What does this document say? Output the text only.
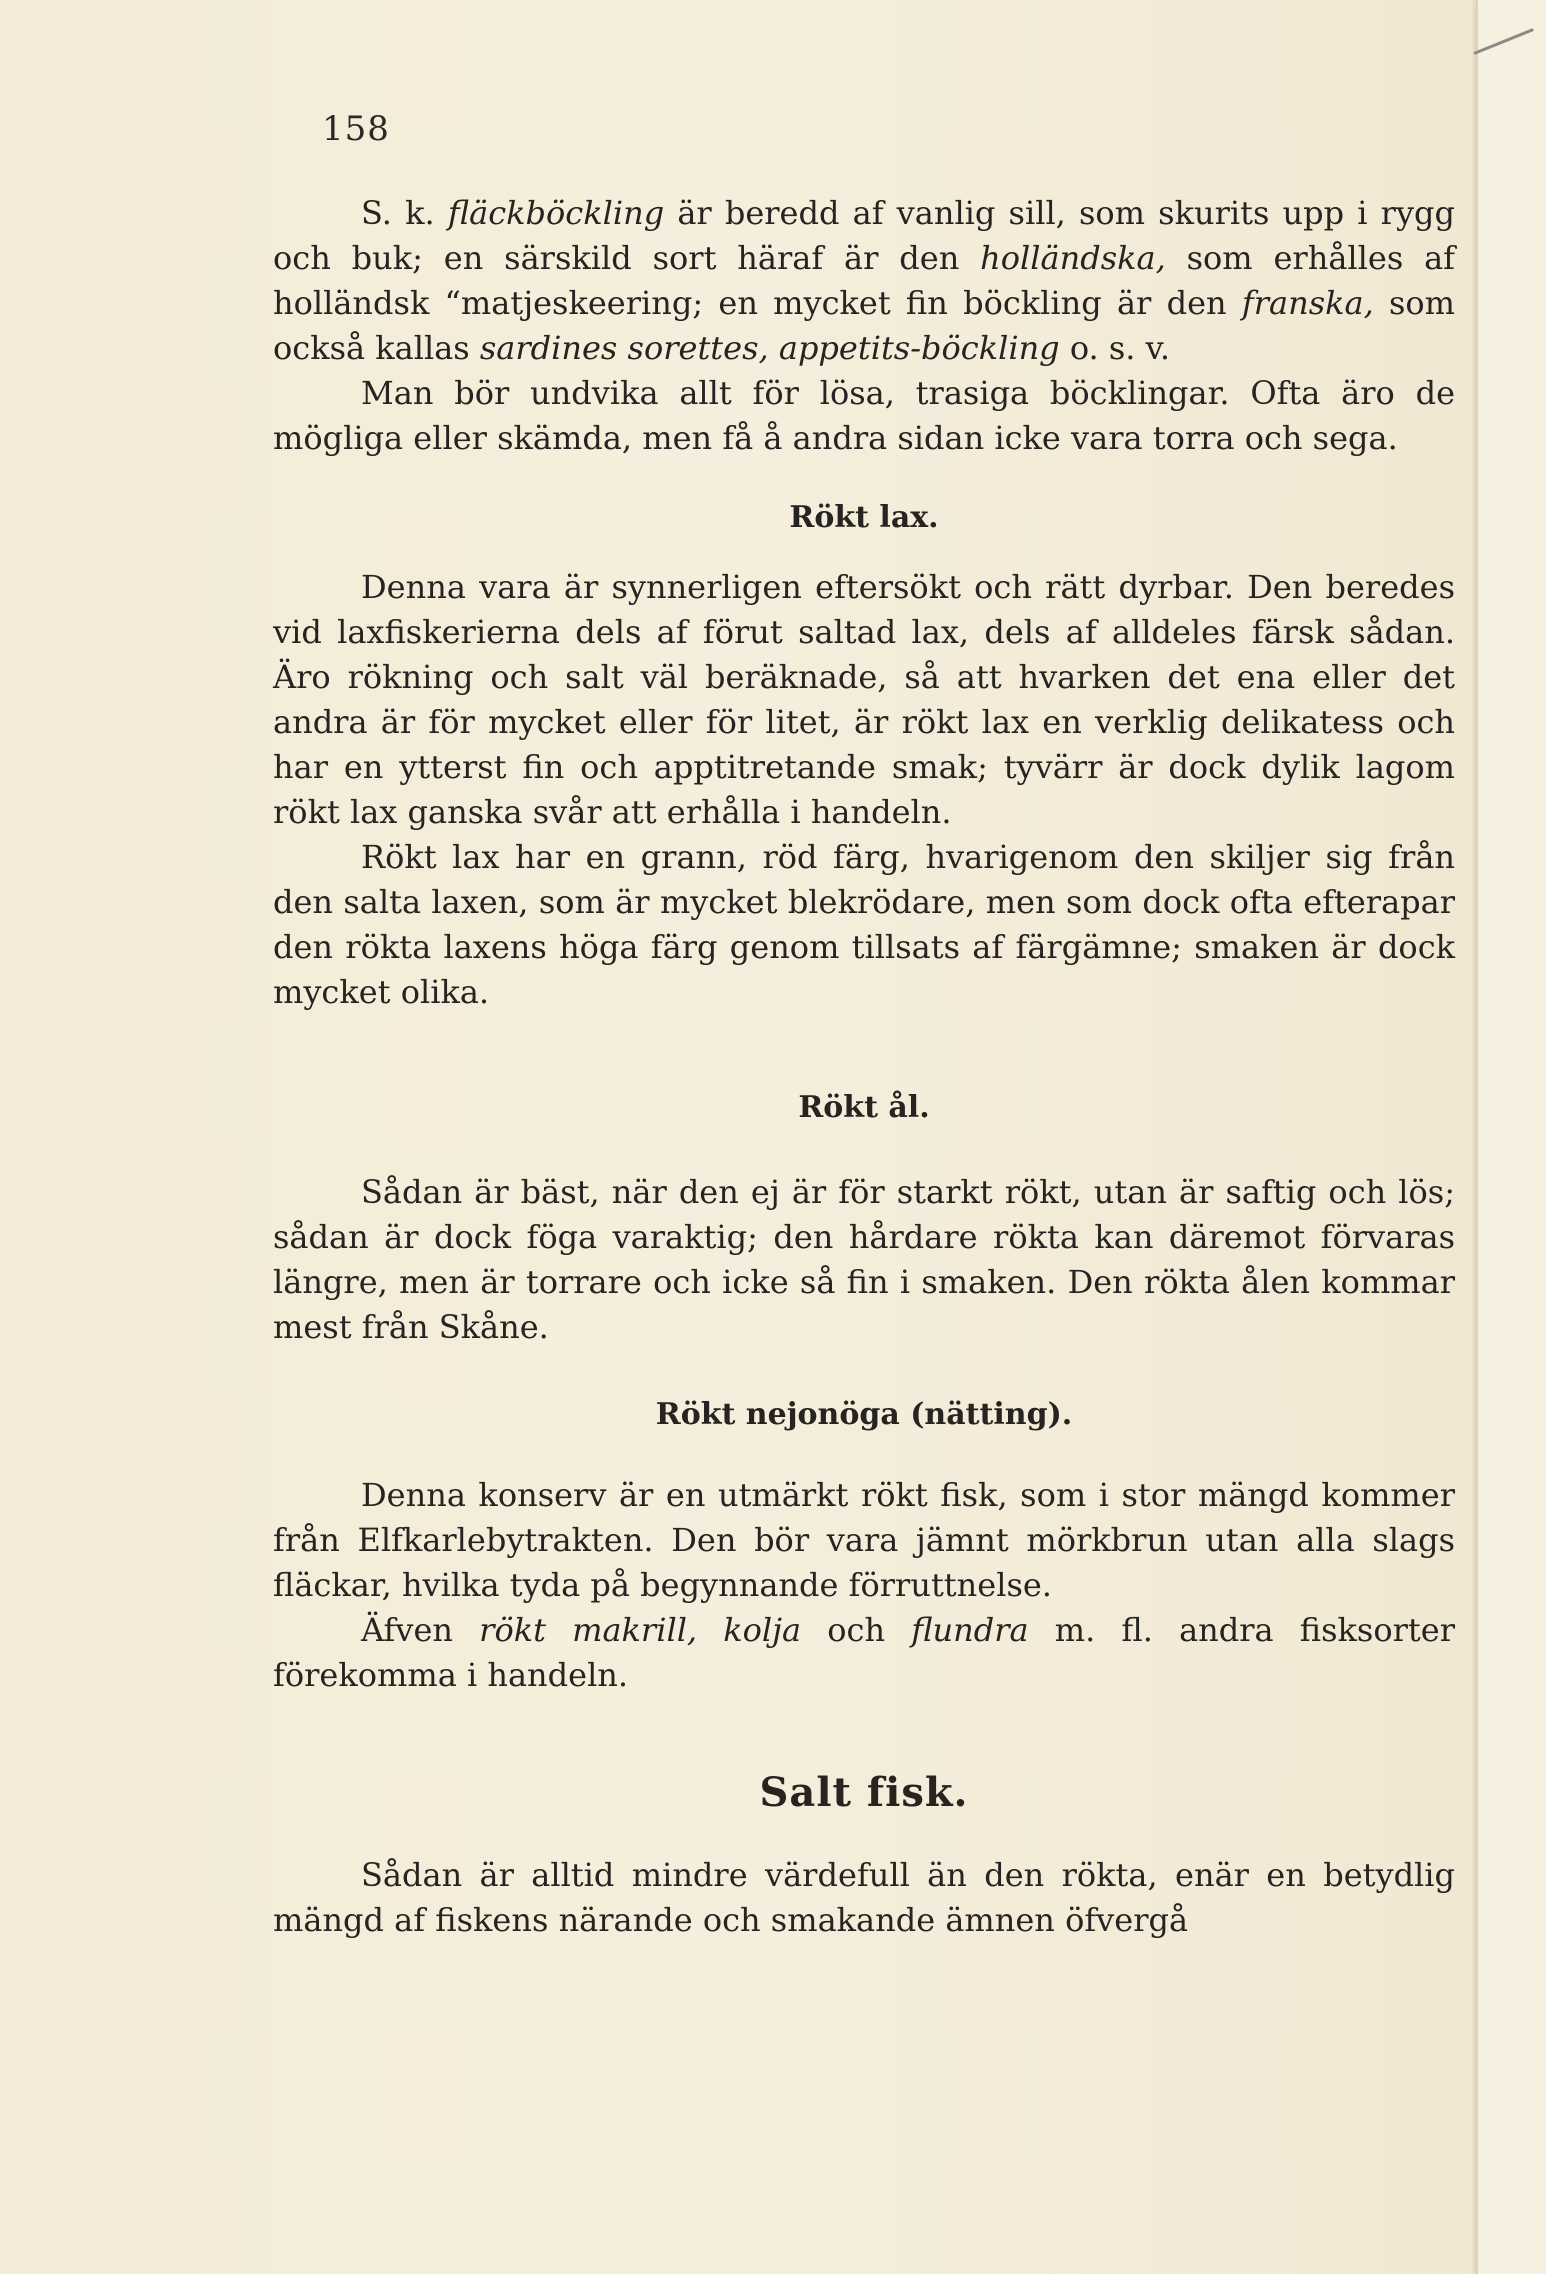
158

S. k. fläckböckling är beredd af vanlig sill, som skurits upp i rygg och buk; en särskild sort häraf är den holländska, som erhålles af holländsk “matjeskeering; en mycket fin böckling är den franska, som också kallas sardines sorettes, appetits-böckling o. s. v.

Man bör undvika allt för lösa, trasiga böcklingar. Ofta äro de mögliga eller skämda, men få å andra sidan icke vara torra och sega.

Rökt lax.

Denna vara är synnerligen eftersökt och rätt dyrbar. Den beredes vid laxfiskerierna dels af förut saltad lax, dels af alldeles färsk sådan. Äro rökning och salt väl beräknade, så att hvarken det ena eller det andra är för mycket eller för litet, är rökt lax en verklig delikatess och har en ytterst fin och apptitretande smak; tyvärr är dock dylik lagom rökt lax ganska svår att erhålla i handeln.

Rökt lax har en grann, röd färg, hvarigenom den skiljer sig från den salta laxen, som är mycket blekrödare, men som dock ofta efterapar den rökta laxens höga färg genom tillsats af färgämne; smaken är dock mycket olika.

Rökt ål.

Sådan är bäst, när den ej är för starkt rökt, utan är saftig och lös; sådan är dock föga varaktig; den hårdare rökta kan däremot förvaras längre, men är torrare och icke så fin i smaken. Den rökta ålen kommar mest från Skåne.

Rökt nejonöga (nätting).

Denna konserv är en utmärkt rökt fisk, som i stor mängd kommer från Elfkarlebytrakten. Den bör vara jämnt mörkbrun utan alla slags fläckar, hvilka tyda på begynnande förruttnelse.

Äfven rökt makrill, kolja och flundra m. fl. andra fisksorter förekomma i handeln.

Salt fisk.

Sådan är alltid mindre värdefull än den rökta, enär en betydlig mängd af fiskens närande och smakande ämnen öfvergå
